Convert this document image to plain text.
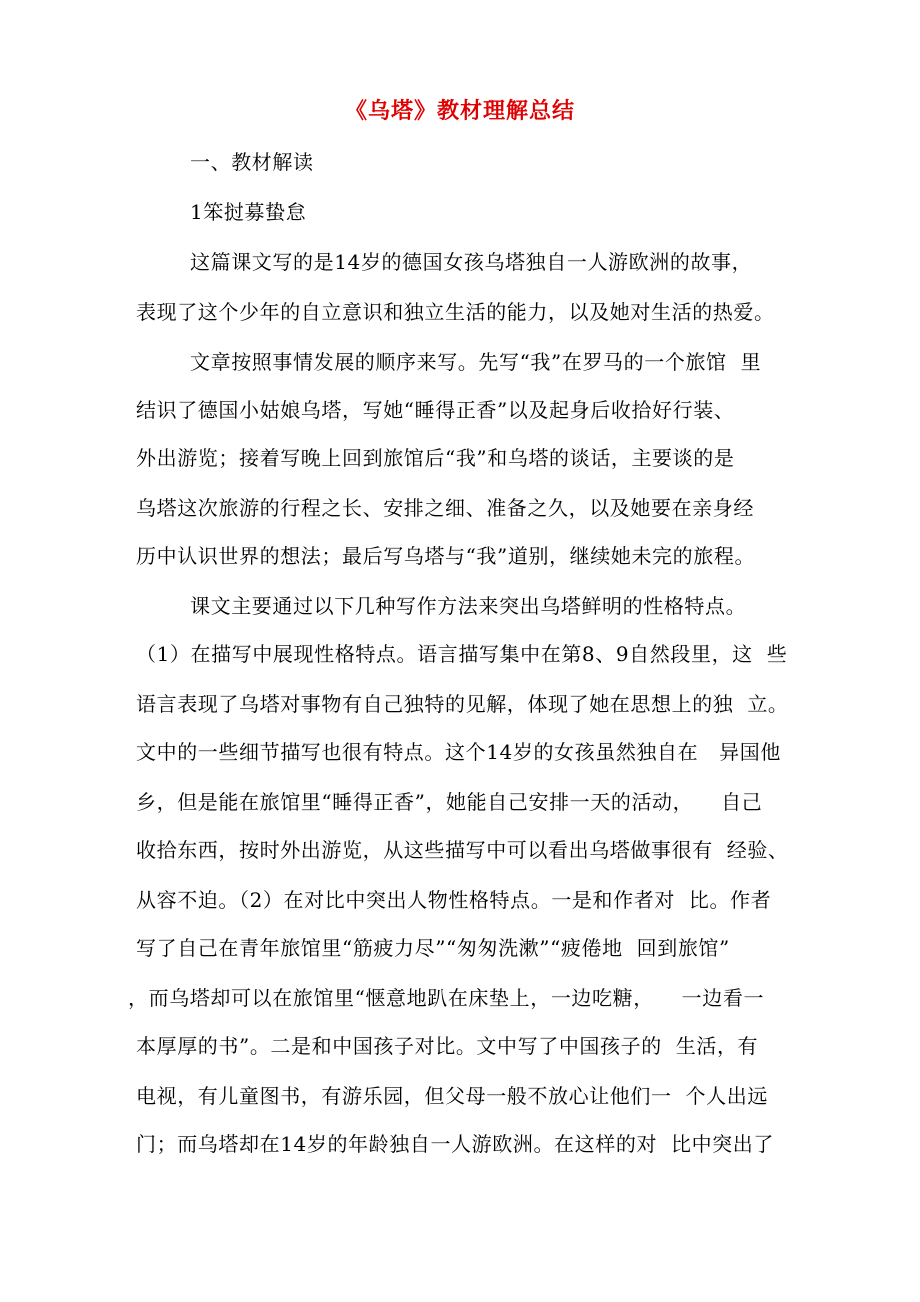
《乌塔》教材理解总结
一、教材解读
1笨挝募蛰怠
这篇课文写的是14岁的德国女孩乌塔独自一人游欧洲的故事，
表现了这个少年的自立意识和独立生活的能力，以及她对生活的热爱。
文章按照事情发展的顺序来写。先写“我”在罗马的一个旅馆  里
结识了德国小姑娘乌塔，写她“睡得正香”以及起身后收拾好行装、
外出游览；接着写晚上回到旅馆后“我”和乌塔的谈话，主要谈的是
乌塔这次旅游的行程之长、安排之细、准备之久，以及她要在亲身经
历中认识世界的想法；最后写乌塔与“我”道别，继续她未完的旅程。
课文主要通过以下几种写作方法来突出乌塔鲜明的性格特点。
（1）在描写中展现性格特点。语言描写集中在第8、9自然段里，这  些
语言表现了乌塔对事物有自己独特的见解，体现了她在思想上的独  立。
文中的一些细节描写也很有特点。这个14岁的女孩虽然独自在   异国他
乡，但是能在旅馆里“睡得正香”，她能自己安排一天的活动，    自己
收拾东西，按时外出游览，从这些描写中可以看出乌塔做事很有  经验、
从容不迫。（2）在对比中突出人物性格特点。一是和作者对  比。作者
写了自己在青年旅馆里“筋疲力尽”“匆匆洗漱”“疲倦地  回到旅馆”
，而乌塔却可以在旅馆里“惬意地趴在床垫上，一边吃糖，    一边看一
本厚厚的书”。二是和中国孩子对比。文中写了中国孩子的  生活，有
电视，有儿童图书，有游乐园，但父母一般不放心让他们一  个人出远
门；而乌塔却在14岁的年龄独自一人游欧洲。在这样的对  比中突出了
